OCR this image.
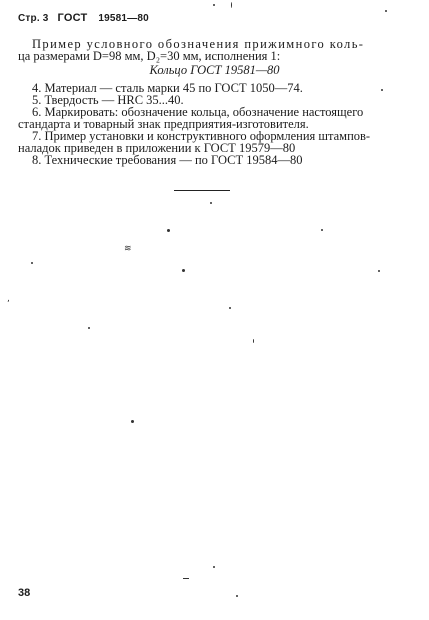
Стр. 3 ГОСТ 19581—80
Пример условного обозначения прижимного коль-
ца размерами D=98 мм, D₂=30 мм, исполнения 1:
Кольцо ГОСТ 19581—80
4. Материал — сталь марки 45 по ГОСТ 1050—74.
5. Твердость — HRC 35...40.
6. Маркировать: обозначение кольца, обозначение настоящего
стандарта и товарный знак предприятия-изготовителя.
7. Пример установки и конструктивного оформления штампов-
наладок приведен в приложении к ГОСТ 19579—80
8. Технические требования — по ГОСТ 19584—80
38
≋
,
